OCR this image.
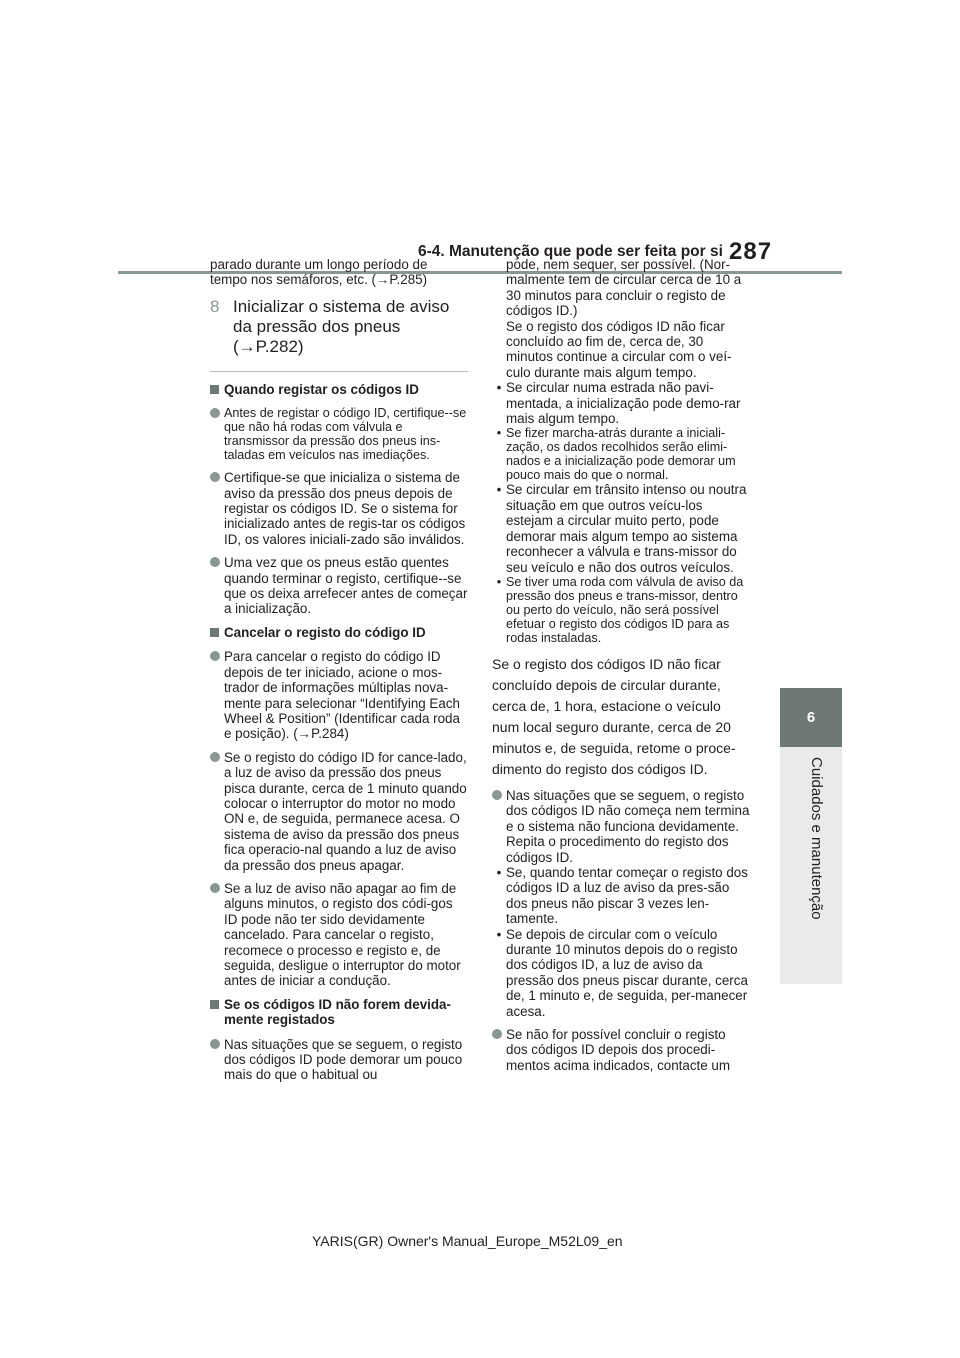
6-4. Manutenção que pode ser feita por si 287
6
Cuidados e manutenção

parado durante um longo período de tempo nos semáforos, etc. (→P.285)

8 Inicializar o sistema de aviso da pressão dos pneus (→P.282)
Quando registar os códigos ID
Antes de registar o código ID, certifique--se que não há rodas com válvula e transmissor da pressão dos pneus ins-taladas em veículos nas imediações.
Certifique-se que inicializa o sistema de aviso da pressão dos pneus depois de registar os códigos ID. Se o sistema for inicializado antes de regis-tar os códigos ID, os valores iniciali-zado são inválidos.
Uma vez que os pneus estão quentes quando terminar o registo, certifique--se que os deixa arrefecer antes de começar a inicialização.
Cancelar o registo do código ID
Para cancelar o registo do código ID depois de ter iniciado, acione o mos-trador de informações múltiplas nova-mente para selecionar “Identifying Each Wheel & Position” (Identificar cada roda e posição). (→P.284)
Se o registo do código ID for cance-lado, a luz de aviso da pressão dos pneus pisca durante, cerca de 1 minuto quando colocar o interruptor do motor no modo ON e, de seguida, permanece acesa. O sistema de aviso da pressão dos pneus fica operacio-nal quando a luz de aviso da pressão dos pneus apagar.
Se a luz de aviso não apagar ao fim de alguns minutos, o registo dos códi-gos ID pode não ter sido devidamente cancelado. Para cancelar o registo, recomece o processo e registo e, de seguida, desligue o interruptor do motor antes de iniciar a condução.
Se os códigos ID não forem devida-mente registados
Nas situações que se seguem, o registo dos códigos ID pode demorar um pouco mais do que o habitual ou

pode, nem sequer, ser possível. (Nor-malmente tem de circular cerca de 10 a 30 minutos para concluir o registo de códigos ID.)

Se o registo dos códigos ID não ficar concluído ao fim de, cerca de, 30 minutos continue a circular com o veí-culo durante mais algum tempo.

• Se circular numa estrada não pavi-mentada, a inicialização pode demo-rar mais algum tempo.
• Se fizer marcha-atrás durante a iniciali-zação, os dados recolhidos serão elimi-nados e a inicialização pode demorar um pouco mais do que o normal.
• Se circular em trânsito intenso ou noutra situação em que outros veícu-los estejam a circular muito perto, pode demorar mais algum tempo ao sistema reconhecer a válvula e trans-missor do seu veículo e não dos outros veículos.
• Se tiver uma roda com válvula de aviso da pressão dos pneus e trans-missor, dentro ou perto do veículo, não será possível efetuar o registo dos códigos ID para as rodas instaladas.

Se o registo dos códigos ID não ficar concluído depois de circular durante, cerca de, 1 hora, estacione o veículo num local seguro durante, cerca de 20 minutos e, de seguida, retome o proce-dimento do registo dos códigos ID.

Nas situações que se seguem, o registo dos códigos ID não começa nem termina e o sistema não funciona devidamente. Repita o procedimento do registo dos códigos ID.
• Se, quando tentar começar o registo dos códigos ID a luz de aviso da pres-são dos pneus não piscar 3 vezes len-tamente.
• Se depois de circular com o veículo durante 10 minutos depois do o registo dos códigos ID, a luz de aviso da pressão dos pneus piscar durante, cerca de, 1 minuto e, de seguida, per-manecer acesa.
Se não for possível concluir o registo dos códigos ID depois dos procedi-mentos acima indicados, contacte um
YARIS(GR) Owner's Manual_Europe_M52L09_en
